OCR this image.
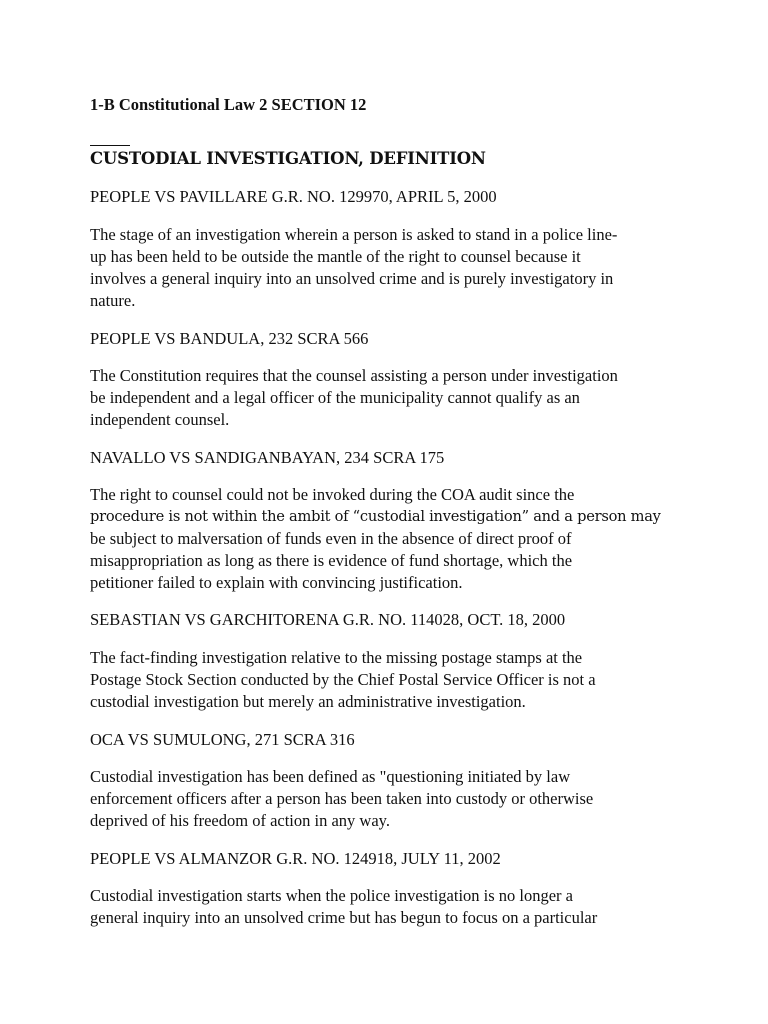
1-B Constitutional Law 2 SECTION 12
CUSTODIAL INVESTIGATION, DEFINITION
PEOPLE VS PAVILLARE G.R. NO. 129970, APRIL 5, 2000
The stage of an investigation wherein a person is asked to stand in a police line-
up has been held to be outside the mantle of the right to counsel because it
involves a general inquiry into an unsolved crime and is purely investigatory in
nature.
PEOPLE VS BANDULA, 232 SCRA 566
The Constitution requires that the counsel assisting a person under investigation
be independent and a legal officer of the municipality cannot qualify as an
independent counsel.
NAVALLO VS SANDIGANBAYAN, 234 SCRA 175
The right to counsel could not be invoked during the COA audit since the
procedure is not within the ambit of “custodial investigation” and a person may
be subject to malversation of funds even in the absence of direct proof of
misappropriation as long as there is evidence of fund shortage, which the
petitioner failed to explain with convincing justification.
SEBASTIAN VS GARCHITORENA G.R. NO. 114028, OCT. 18, 2000
The fact-finding investigation relative to the missing postage stamps at the
Postage Stock Section conducted by the Chief Postal Service Officer is not a
custodial investigation but merely an administrative investigation.
OCA VS SUMULONG, 271 SCRA 316
Custodial investigation has been defined as "questioning initiated by law
enforcement officers after a person has been taken into custody or otherwise
deprived of his freedom of action in any way.
PEOPLE VS ALMANZOR G.R. NO. 124918, JULY 11, 2002
Custodial investigation starts when the police investigation is no longer a
general inquiry into an unsolved crime but has begun to focus on a particular
